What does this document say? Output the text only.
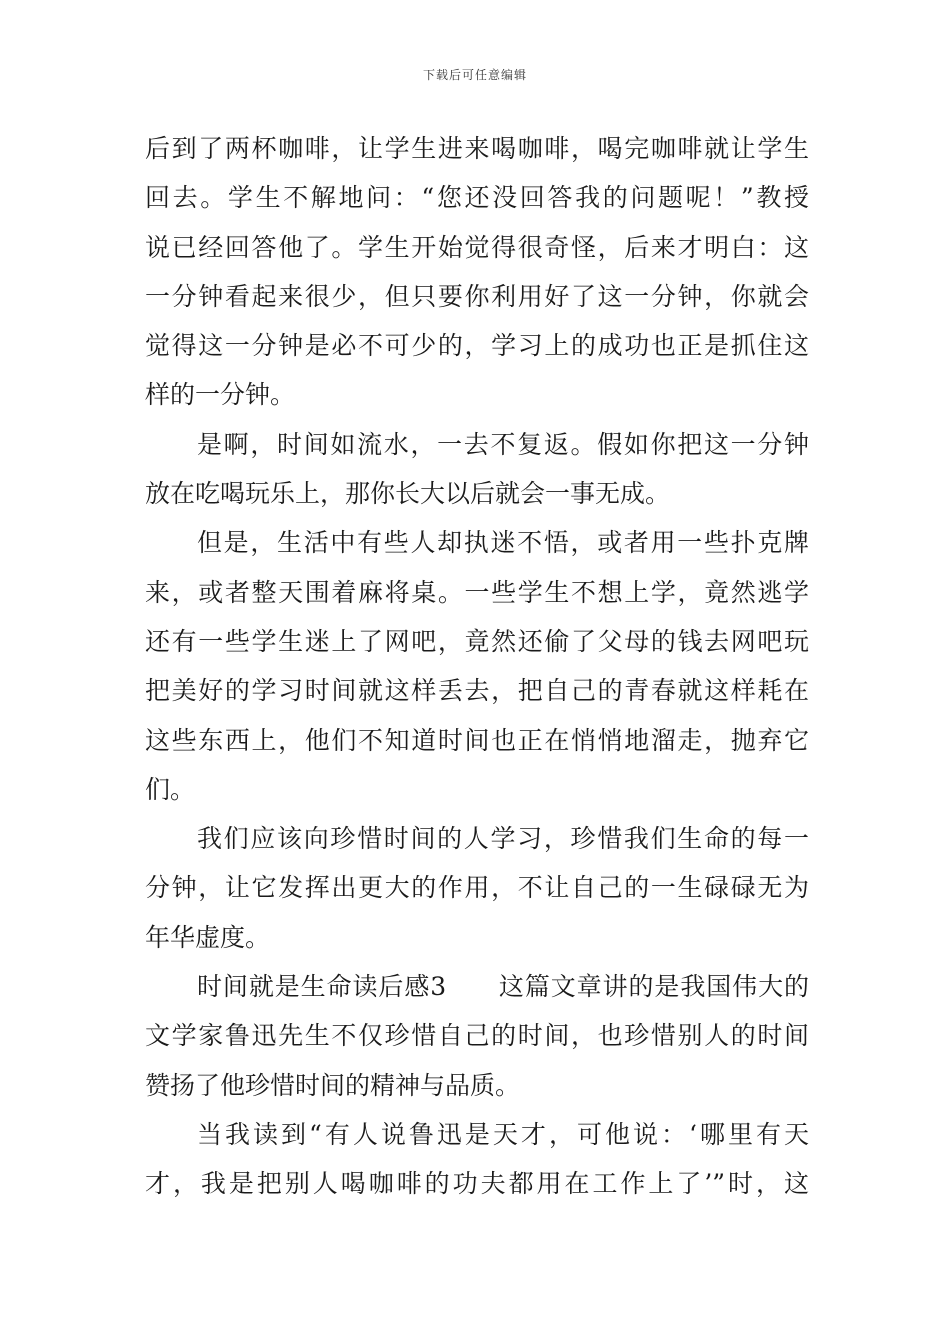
下载后可任意编辑
后到了两杯咖啡，让学生进来喝咖啡，喝完咖啡就让学生
回去。学生不解地问：“您还没回答我的问题呢！”教授
说已经回答他了。学生开始觉得很奇怪，后来才明白：这
一分钟看起来很少，但只要你利用好了这一分钟，你就会
觉得这一分钟是必不可少的，学习上的成功也正是抓住这
样的一分钟。
是啊，时间如流水，一去不复返。假如你把这一分钟
放在吃喝玩乐上，那你长大以后就会一事无成。
但是，生活中有些人却执迷不悟，或者用一些扑克牌
来，或者整天围着麻将桌。一些学生不想上学，竟然逃学
还有一些学生迷上了网吧，竟然还偷了父母的钱去网吧玩
把美好的学习时间就这样丢去，把自己的青春就这样耗在
这些东西上，他们不知道时间也正在悄悄地溜走，抛弃它
们。
我们应该向珍惜时间的人学习，珍惜我们生命的每一
分钟，让它发挥出更大的作用，不让自己的一生碌碌无为
年华虚度。
时间就是生命读后感3　　这篇文章讲的是我国伟大的
文学家鲁迅先生不仅珍惜自己的时间，也珍惜别人的时间
赞扬了他珍惜时间的精神与品质。
当我读到“有人说鲁迅是天才，可他说：‘哪里有天
才，我是把别人喝咖啡的功夫都用在工作上了’”时，这
